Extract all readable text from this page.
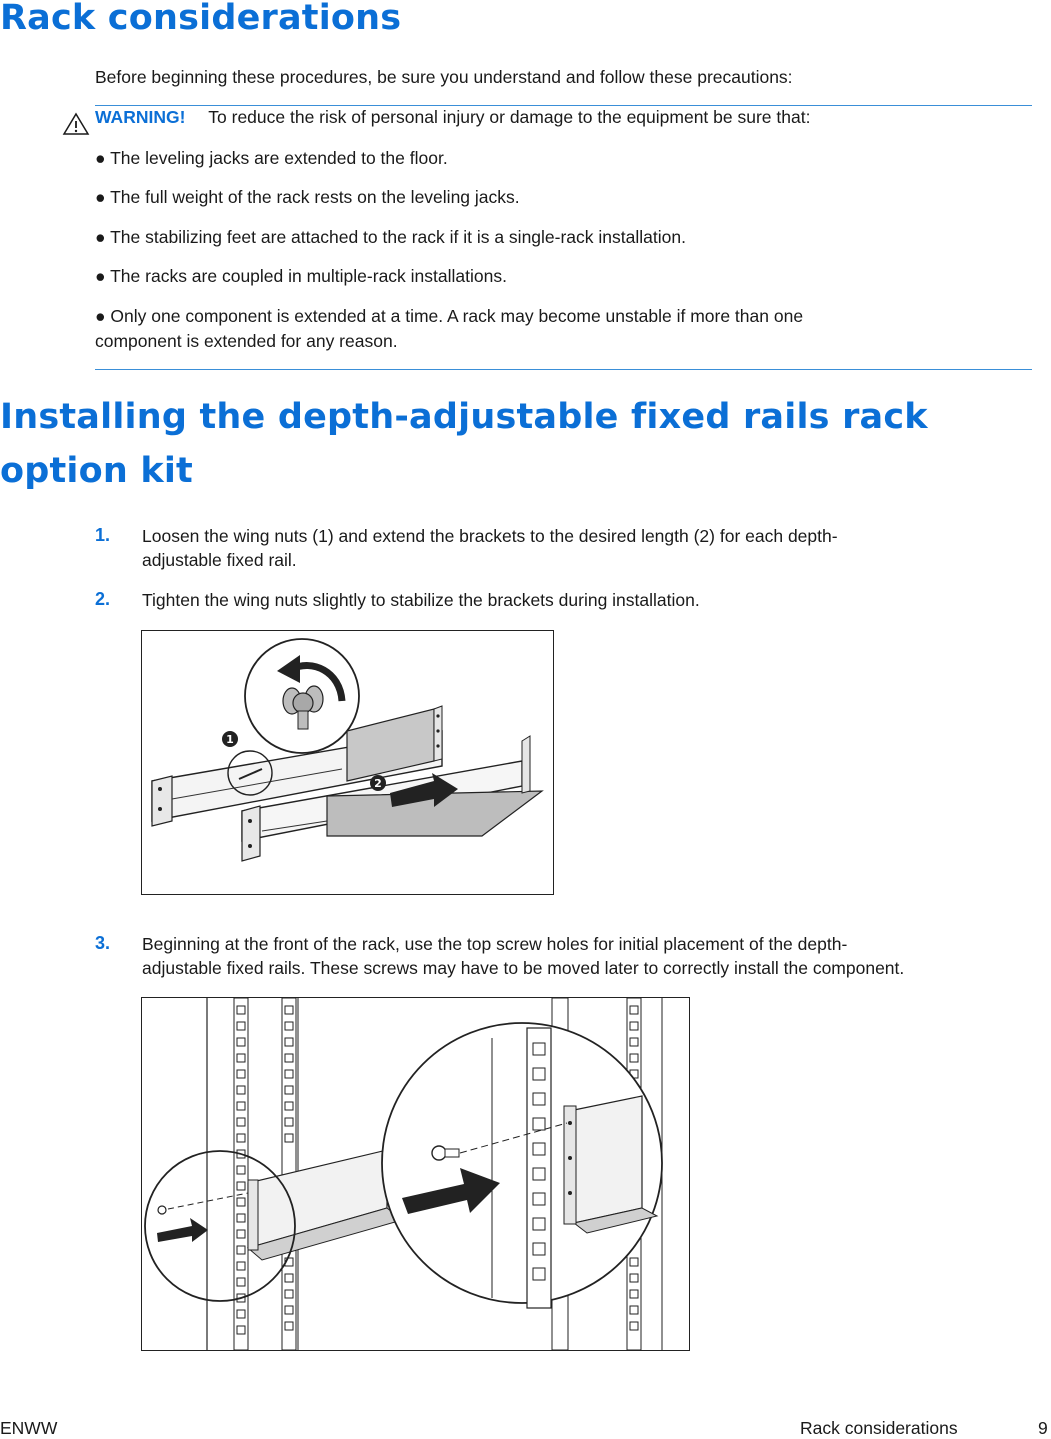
Rack considerations
Before beginning these procedures, be sure you understand and follow these precautions:
WARNING! To reduce the risk of personal injury or damage to the equipment be sure that:
● The leveling jacks are extended to the floor.
● The full weight of the rack rests on the leveling jacks.
● The stabilizing feet are attached to the rack if it is a single-rack installation.
● The racks are coupled in multiple-rack installations.
● Only one component is extended at a time. A rack may become unstable if more than one
component is extended for any reason.
Installing the depth-adjustable fixed rails rack
option kit
1. Loosen the wing nuts (1) and extend the brackets to the desired length (2) for each depth-
adjustable fixed rail.
2. Tighten the wing nuts slightly to stabilize the brackets during installation.
1
2
3. Beginning at the front of the rack, use the top screw holes for initial placement of the depth-
adjustable fixed rails. These screws may have to be moved later to correctly install the component.
ENWW	Rack considerations	9
